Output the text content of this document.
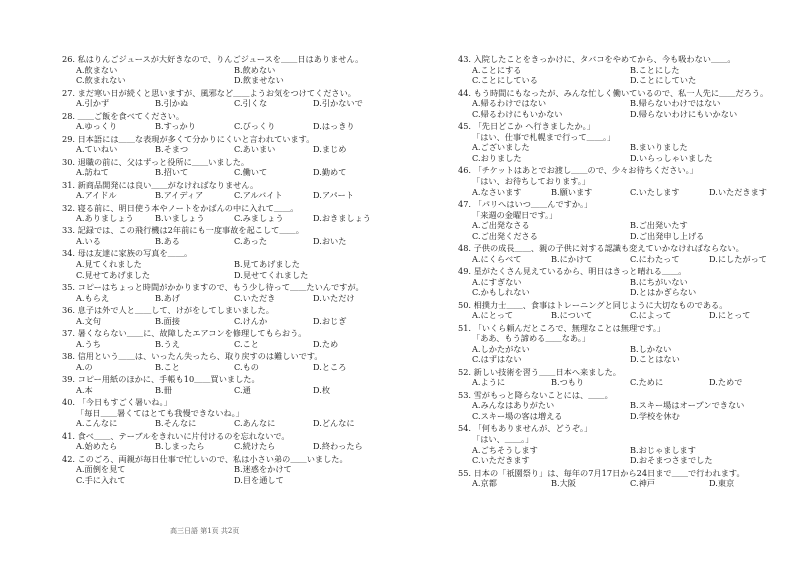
26. 私はりんごジュースが大好きなので、りんごジュースを＿＿日はありません。
A.飲まない	B.飲めない
C.飲まれない	D.飲ませない
27. まだ寒い日が続くと思いますが、風邪など＿＿ようお気をつけてください。
A.引かず	B.引かぬ	C.引くな	D.引かないで
28. ＿＿ご飯を食べてください。
A.ゆっくり	B.すっかり	C.びっくり	D.はっきり
29. 日本語には＿＿な表現が多くて分かりにくいと言われています。
A.ていねい	B.そまつ	C.あいまい	D.まじめ
30. 退職の前に、父はずっと役所に＿＿いました。
A.訪ねて	B.招いて	C.働いて	D.勤めて
31. 新商品開発には良い＿＿がなければなりません。
A.アイドル	B.アイディア	C.アルバイト	D.アパート
32. 寝る前に、明日使う本やノートをかばんの中に入れて＿＿。
A.ありましょう	B.いましょう	C.みましょう	D.おきましょう
33. 記録では、この飛行機は2年前にも一度事故を起こして＿＿。
A.いる	B.ある	C.あった	D.おいた
34. 母は友達に家族の写真を＿＿。
A.見てくれました	B.見てあげました
C.見せてあげました	D.見せてくれました
35. コピーはちょっと時間がかかりますので、もう少し待って＿＿たいんですが。
A.もらえ	B.あげ	C.いただき	D.いただけ
36. 息子は外で人と＿＿して、けがをしてしまいました。
A.文句	B.面接	C.けんか	D.おじぎ
37. 暑くならない＿＿に、故障したエアコンを修理してもらおう。
A.うち	B.うえ	C.こと	D.ため
38. 信用という＿＿は、いったん失ったら、取り戻すのは難しいです。
A.の	B.こと	C.もの	D.ところ
39. コピー用紙のほかに、手帳も10＿＿買いました。
A.本	B.冊	C.通	D.枚
40. 「今日もすごく暑いね。」
「毎日＿＿暑くてはとても我慢できないね。」
A.こんなに	B.そんなに	C.あんなに	D.どんなに
41. 食べ＿＿、テーブルをきれいに片付けるのを忘れないで。
A.始めたら	B.しまったら	C.続けたら	D.終わったら
42. このごろ、両親が毎日仕事で忙しいので、私は小さい弟の＿＿いました。
A.面倒を見て	B.迷惑をかけて
C.手に入れて	D.目を通して
43. 入院したことをきっかけに、タバコをやめてから、今も吸わない＿＿。
A.ことにする	B.ことにした
C.ことにしている	D.ことにしていた
44. もう時間にもなったが、みんな忙しく働いているので、私一人先に＿＿だろう。
A.帰るわけではない	B.帰らないわけではない
C.帰るわけにもいかない	D.帰らないわけにもいかない
45. 「先日どこか へ行きましたか。」
「はい、仕事で札幌まで行って＿＿。」
A.ございました	B.まいりました
C.おりました	D.いらっしゃいました
46. 「チケットはあとでお渡し＿＿ので、少々お待ちください。」
「はい、お待ちしております。」
A.なさいます	B.願います	C.いたします	D.いただきます
47. 「パリへはいつ＿＿んですか。」
「来週の金曜日です。」
A.ご出発なさる	B.ご出発いたす
C.ご出発くださる	D.ご出発申し上げる
48. 子供の成長＿＿、親の子供に対する認識も変えていかなければならない。
A.にくらべて	B.にかけて	C.にわたって	D.にしたがって
49. 星がたくさん見えているから、明日はきっと晴れる＿＿。
A.にすぎない	B.にちがいない
C.かもしれない	D.とはかぎらない
50. 相撲力士＿＿、食事はトレーニングと同じように大切なものである。
A.にとって	B.について	C.によって	D.にとって
51. 「いくら頼んだところで、無理なことは無理です。」
「ああ、もう諦める＿＿なあ。」
A.しかたがない	B.しかない
C.はずはない	D.ことはない
52. 新しい技術を習う＿＿日本へ来ました。
A.ように	B.つもり	C.ために	D.ためで
53. 雪がもっと降らないことには、＿＿。
A.みんなはありがたい	B.スキー場はオープンできない
C.スキー場の客は増える	D.学校を休む
54. 「何もありませんが、どうぞ。」
「はい、＿＿。」
A.ごちそうします	B.おじゃまします
C.いただきます	D.おそまつさまでした
55. 日本の「祇園祭り」は、毎年の7月17日から24日まで＿＿で行われます。
A.京都	B.大阪	C.神戸	D.東京
高三日語 第1页 共2页
